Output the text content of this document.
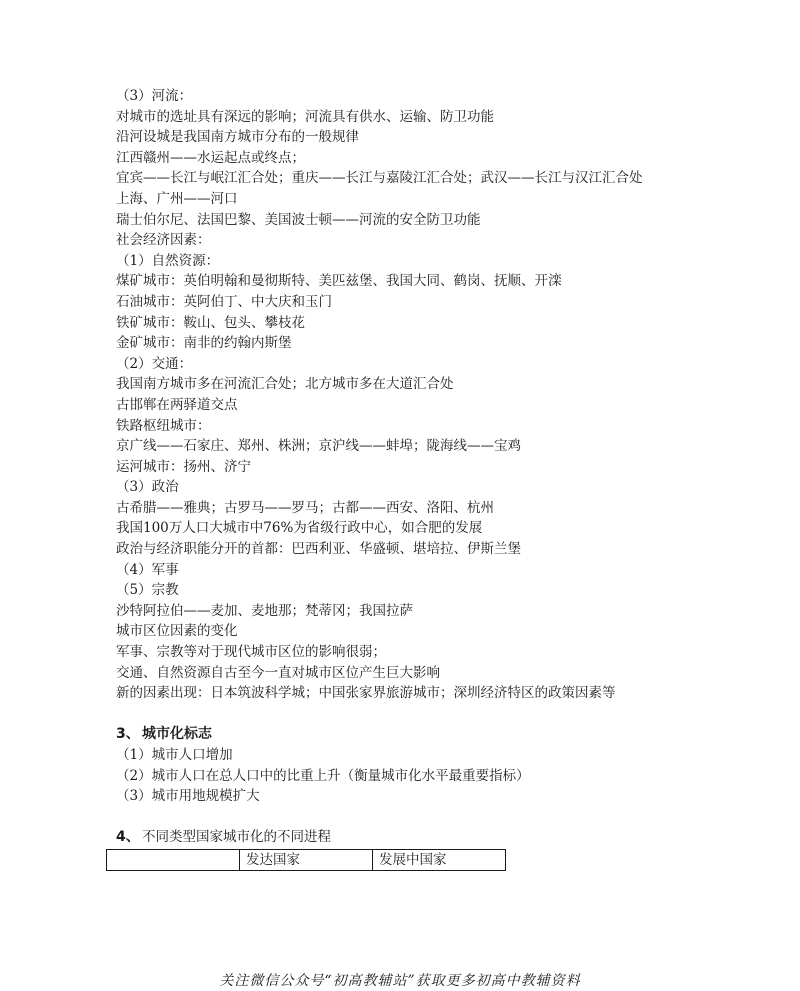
（3）河流：
对城市的选址具有深远的影响；河流具有供水、运输、防卫功能
沿河设城是我国南方城市分布的一般规律
江西赣州——水运起点或终点；
宜宾——长江与岷江汇合处；重庆——长江与嘉陵江汇合处；武汉——长江与汉江汇合处
上海、广州——河口
瑞士伯尔尼、法国巴黎、美国波士顿——河流的安全防卫功能
社会经济因素：
（1）自然资源：
煤矿城市：英伯明翰和曼彻斯特、美匹兹堡、我国大同、鹤岗、抚顺、开滦
石油城市：英阿伯丁、中大庆和玉门
铁矿城市：鞍山、包头、攀枝花
金矿城市：南非的约翰内斯堡
（2）交通：
我国南方城市多在河流汇合处；北方城市多在大道汇合处
古邯郸在两驿道交点
铁路枢纽城市：
京广线——石家庄、郑州、株洲；京沪线——蚌埠；陇海线——宝鸡
运河城市：扬州、济宁
（3）政治
古希腊——雅典；古罗马——罗马；古都——西安、洛阳、杭州
我国100万人口大城市中76%为省级行政中心，如合肥的发展
政治与经济职能分开的首都：巴西利亚、华盛顿、堪培拉、伊斯兰堡
（4）军事
（5）宗教
沙特阿拉伯——麦加、麦地那；梵蒂冈；我国拉萨
城市区位因素的变化
军事、宗教等对于现代城市区位的影响很弱；
交通、自然资源自古至今一直对城市区位产生巨大影响
新的因素出现：日本筑波科学城；中国张家界旅游城市；深圳经济特区的政策因素等
3、 城市化标志
（1）城市人口增加
（2）城市人口在总人口中的比重上升（衡量城市化水平最重要指标）
（3）城市用地规模扩大
4、 不同类型国家城市化的不同进程
	发达国家	发展中国家
关注微信公众号“初高教辅站”获取更多初高中教辅资料
